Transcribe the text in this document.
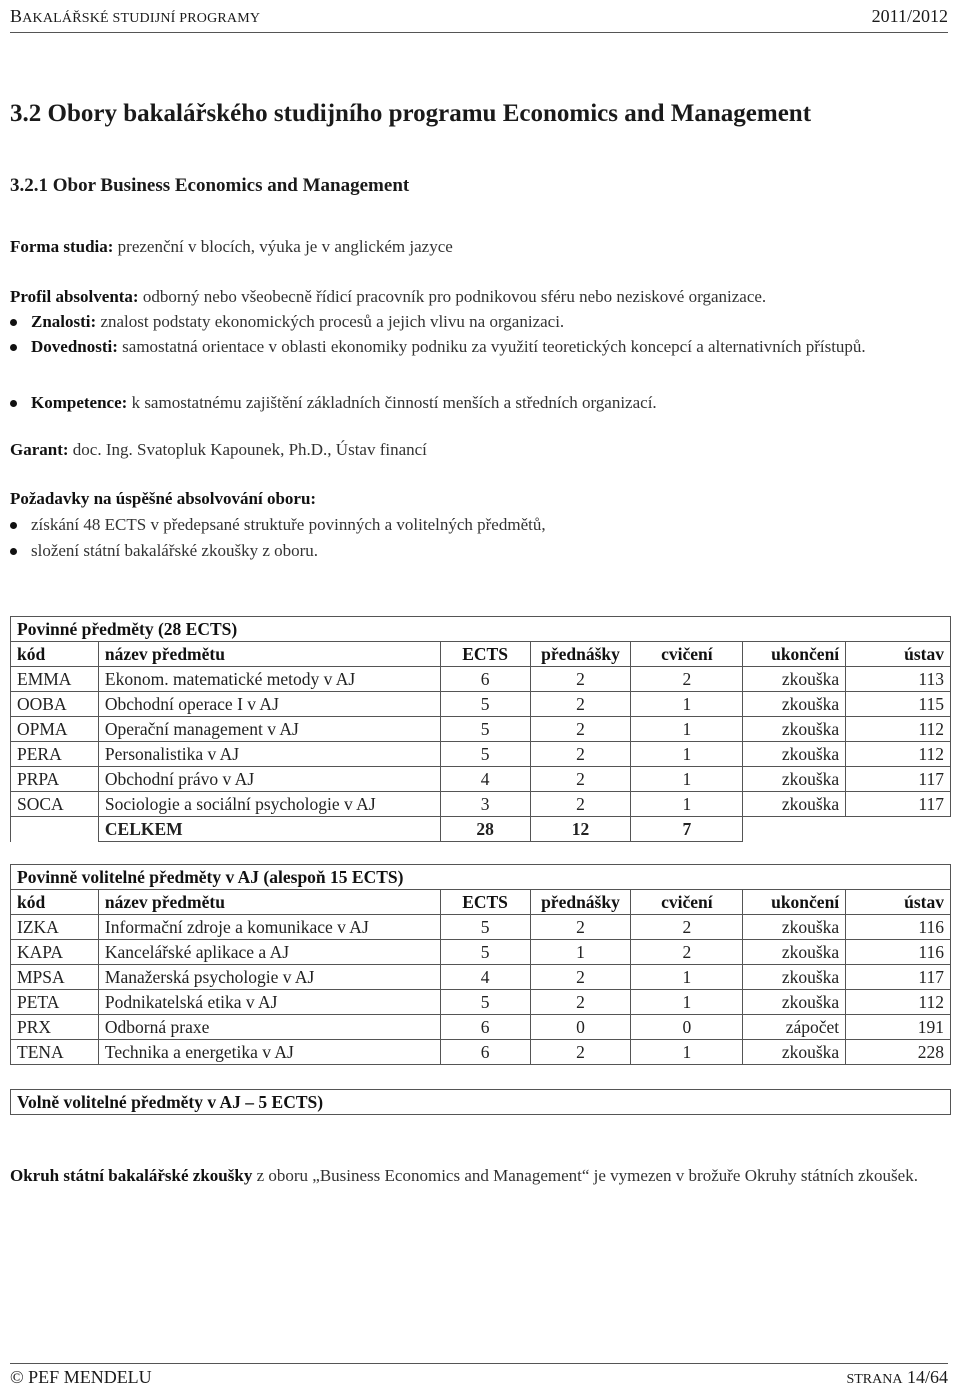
BAKALÁŘSKÉ STUDIJNÍ PROGRAMY	2011/2012
3.2 Obory bakalářského studijního programu Economics and Management
3.2.1 Obor Business Economics and Management
Forma studia: prezenční v blocích, výuka je v anglickém jazyce
Profil absolventa: odborný nebo všeobecně řídicí pracovník pro podnikovou sféru nebo neziskové organizace.
Znalosti: znalost podstaty ekonomických procesů a jejich vlivu na organizaci.
Dovednosti: samostatná orientace v oblasti ekonomiky podniku za využití teoretických koncepcí a alternativních přístupů.
Kompetence: k samostatnému zajištění základních činností menších a středních organizací.
Garant: doc. Ing. Svatopluk Kapounek, Ph.D., Ústav financí
Požadavky na úspěšné absolvování oboru:
získání 48 ECTS v předepsané struktuře povinných a volitelných předmětů,
složení státní bakalářské zkoušky z oboru.
Povinné předměty (28 ECTS)						
kód	název předmětu	ECTS	přednášky	cvičení	ukončení	ústav
EMMA	Ekonom. matematické metody v AJ	6	2	2	zkouška	113
OOBA	Obchodní operace I v AJ	5	2	1	zkouška	115
OPMA	Operační management v AJ	5	2	1	zkouška	112
PERA	Personalistika v AJ	5	2	1	zkouška	112
PRPA	Obchodní právo v AJ	4	2	1	zkouška	117
SOCA	Sociologie a sociální psychologie v AJ	3	2	1	zkouška	117
	CELKEM	28	12	7		
Povinně volitelné předměty v AJ (alespoň 15 ECTS)						
kód	název předmětu	ECTS	přednášky	cvičení	ukončení	ústav
IZKA	Informační zdroje a komunikace v AJ	5	2	2	zkouška	116
KAPA	Kancelářské aplikace a AJ	5	1	2	zkouška	116
MPSA	Manažerská psychologie v AJ	4	2	1	zkouška	117
PETA	Podnikatelská etika v AJ	5	2	1	zkouška	112
PRX	Odborná praxe	6	0	0	zápočet	191
TENA	Technika a energetika v AJ	6	2	1	zkouška	228
Volně volitelné předměty v AJ – 5 ECTS)
Okruh státní bakalářské zkoušky z oboru „Business Economics and Management“ je vymezen v brožuře Okruhy státních zkoušek.
© PEF MENDELU	STRANA 14/64
